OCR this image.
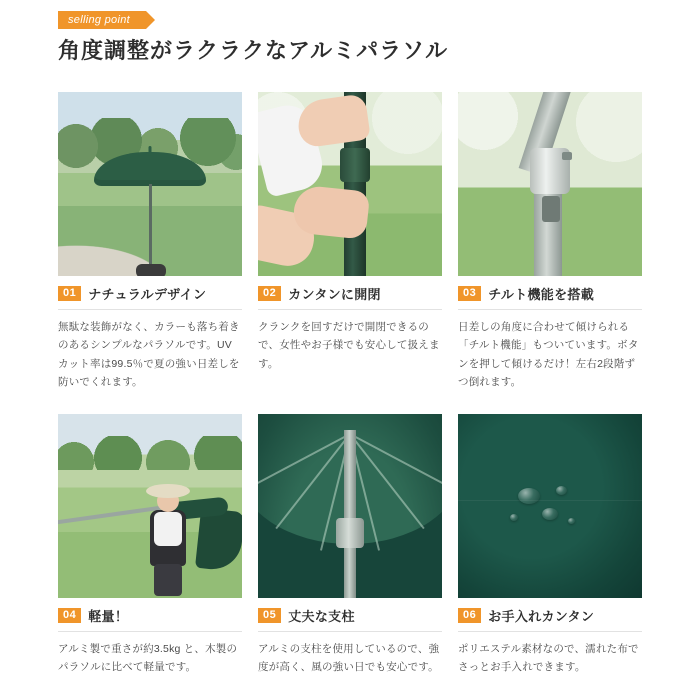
selling point
角度調整がラクラクなアルミパラソル
01 ナチュラルデザイン
無駄な装飾がなく、カラーも落ち着きのあるシンプルなパラソルです。UV カット率は99.5％で夏の強い日差しを防いでくれます。
02 カンタンに開閉
クランクを回すだけで開閉できるので、女性やお子様でも安心して扱えます。
03 チルト機能を搭載
日差しの角度に合わせて傾けられる「チルト機能」もついています。ボタンを押して傾けるだけ！左右2段階ずつ倒れます。
04 軽量！
アルミ製で重さが約3.5kg と、木製のパラソルに比べて軽量です。
05 丈夫な支柱
アルミの支柱を使用しているので、強度が高く、風の強い日でも安心です。
06 お手入れカンタン
ポリエステル素材なので、濡れた布でさっとお手入れできます。
